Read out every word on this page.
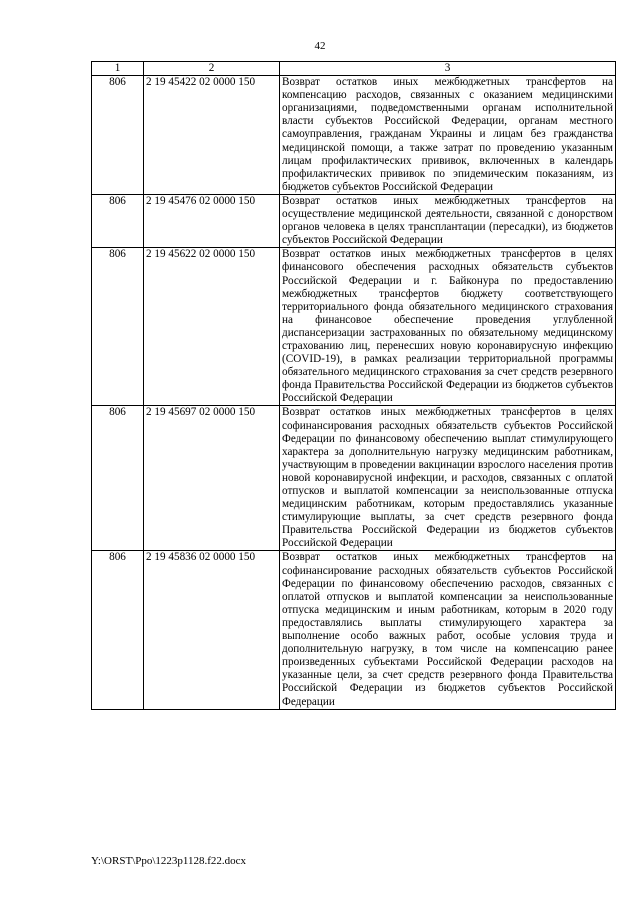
42
1	2	3
806	2 19 45422 02 0000 150	Возврат остатков иных межбюджетных трансфертов на компенсацию расходов, связанных с оказанием медицинскими организациями, подведомственными органам исполнительной власти субъектов Российской Федерации, органам местного самоуправления, гражданам Украины и лицам без гражданства медицинской помощи, а также затрат по проведению указанным лицам профилактических прививок, включенных в календарь профилактических прививок по эпидемическим показаниям, из бюджетов субъектов Российской Федерации
806	2 19 45476 02 0000 150	Возврат остатков иных межбюджетных трансфертов на осуществление медицинской деятельности, связанной с донорством органов человека в целях трансплантации (пересадки), из бюджетов субъектов Российской Федерации
806	2 19 45622 02 0000 150	Возврат остатков иных межбюджетных трансфертов в целях финансового обеспечения расходных обязательств субъектов Российской Федерации и г. Байконура по предоставлению межбюджетных трансфертов бюджету соответствующего территориального фонда обязательного медицинского страхования на финансовое обеспечение проведения углубленной диспансеризации застрахованных по обязательному медицинскому страхованию лиц, перенесших новую коронавирусную инфекцию (COVID-19), в рамках реализации территориальной программы обязательного медицинского страхования за счет средств резервного фонда Правительства Российской Федерации из бюджетов субъектов Российской Федерации
806	2 19 45697 02 0000 150	Возврат остатков иных межбюджетных трансфертов в целях софинансирования расходных обязательств субъектов Российской Федерации по финансовому обеспечению выплат стимулирующего характера за дополнительную нагрузку медицинским работникам, участвующим в проведении вакцинации взрослого населения против новой коронавирусной инфекции, и расходов, связанных с оплатой отпусков и выплатой компенсации за неиспользованные отпуска медицинским работникам, которым предоставлялись указанные стимулирующие выплаты, за счет средств резервного фонда Правительства Российской Федерации из бюджетов субъектов Российской Федерации
806	2 19 45836 02 0000 150	Возврат остатков иных межбюджетных трансфертов на софинансирование расходных обязательств субъектов Российской Федерации по финансовому обеспечению расходов, связанных с оплатой отпусков и выплатой компенсации за неиспользованные отпуска медицинским и иным работникам, которым в 2020 году предоставлялись выплаты стимулирующего характера за выполнение особо важных работ, особые условия труда и дополнительную нагрузку, в том числе на компенсацию ранее произведенных субъектами Российской Федерации расходов на указанные цели, за счет средств резервного фонда Правительства Российской Федерации из бюджетов субъектов Российской Федерации
Y:\ORST\Ppo\1223p1128.f22.docx
